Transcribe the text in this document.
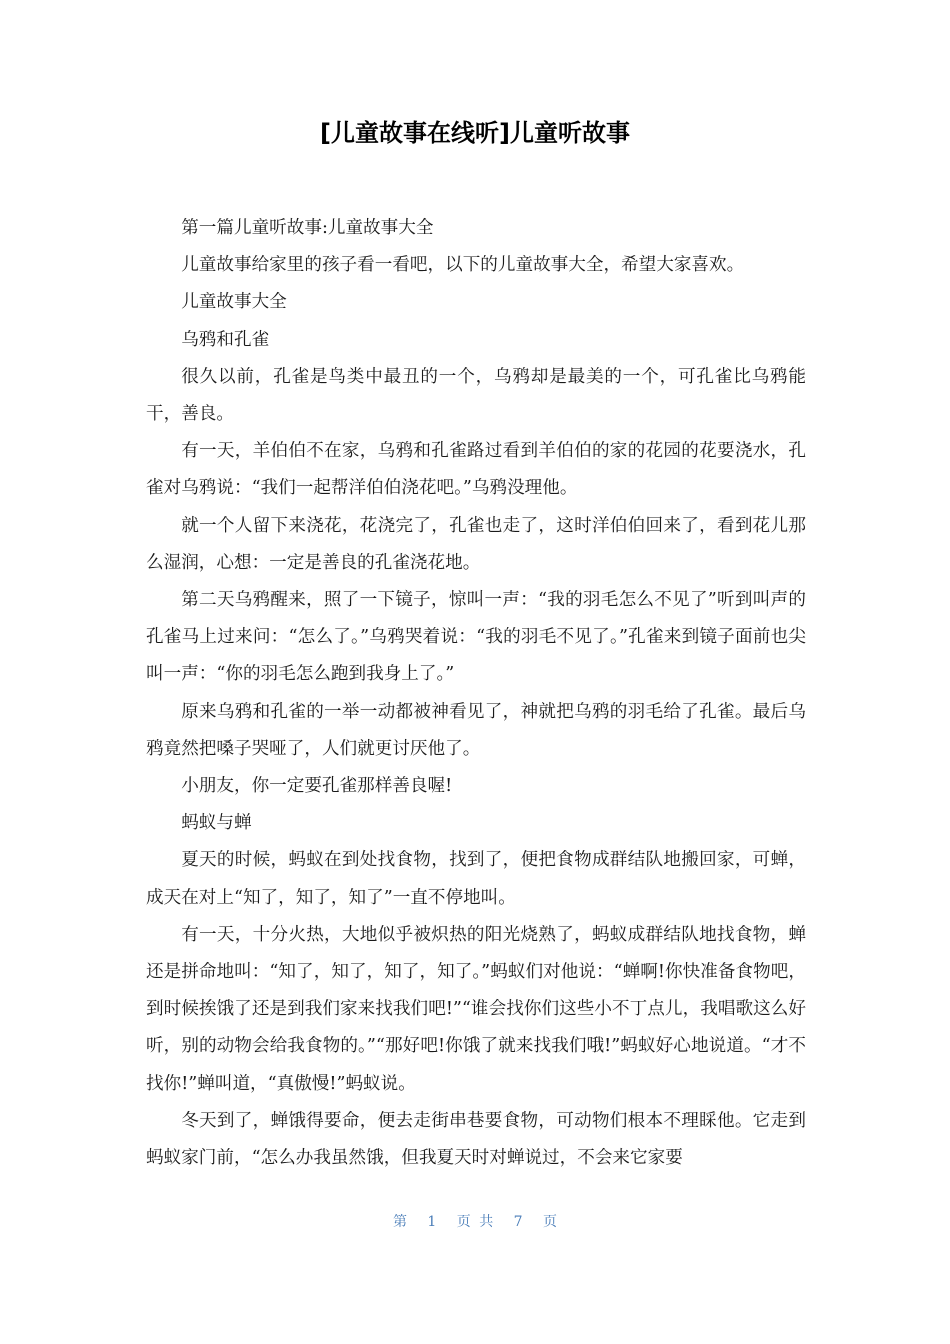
[儿童故事在线听]儿童听故事

第一篇儿童听故事:儿童故事大全

儿童故事给家里的孩子看一看吧，以下的儿童故事大全，希望大家喜欢。

儿童故事大全

乌鸦和孔雀

很久以前，孔雀是鸟类中最丑的一个，乌鸦却是最美的一个，可孔雀比乌鸦能干，善良。

有一天，羊伯伯不在家，乌鸦和孔雀路过看到羊伯伯的家的花园的花要浇水，孔雀对乌鸦说：“我们一起帮洋伯伯浇花吧。”乌鸦没理他。

就一个人留下来浇花，花浇完了，孔雀也走了，这时洋伯伯回来了，看到花儿那么湿润，心想：一定是善良的孔雀浇花地。

第二天乌鸦醒来，照了一下镜子，惊叫一声：“我的羽毛怎么不见了”听到叫声的孔雀马上过来问：“怎么了。”乌鸦哭着说：“我的羽毛不见了。”孔雀来到镜子面前也尖叫一声：“你的羽毛怎么跑到我身上了。”

原来乌鸦和孔雀的一举一动都被神看见了，神就把乌鸦的羽毛给了孔雀。最后乌鸦竟然把嗓子哭哑了，人们就更讨厌他了。

小朋友，你一定要孔雀那样善良喔!

蚂蚁与蝉

夏天的时候，蚂蚁在到处找食物，找到了，便把食物成群结队地搬回家，可蝉，成天在对上“知了，知了，知了”一直不停地叫。

有一天，十分火热，大地似乎被炽热的阳光烧熟了，蚂蚁成群结队地找食物，蝉还是拼命地叫：“知了，知了，知了，知了。”蚂蚁们对他说：“蝉啊!你快准备食物吧，到时候挨饿了还是到我们家来找我们吧!”“谁会找你们这些小不丁点儿，我唱歌这么好听，别的动物会给我食物的。”“那好吧!你饿了就来找我们哦!”蚂蚁好心地说道。“才不找你!”蝉叫道，“真傲慢!”蚂蚁说。

冬天到了，蝉饿得要命，便去走街串巷要食物，可动物们根本不理睬他。它走到蚂蚁家门前，“怎么办我虽然饿，但我夏天时对蝉说过，不会来它家要

第 1 页 共 7 页
